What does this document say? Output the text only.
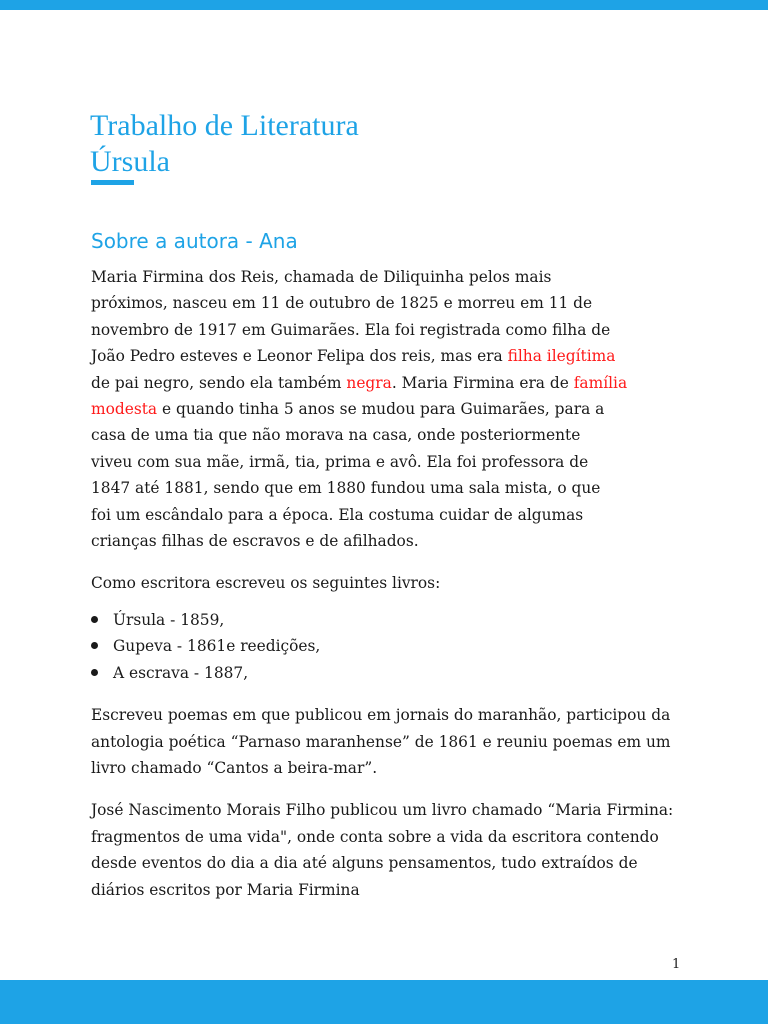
Trabalho de Literatura
Úrsula
Sobre a autora - Ana

Maria Firmina dos Reis, chamada de Diliquinha pelos mais
próximos, nasceu em 11 de outubro de 1825 e morreu em 11 de
novembro de 1917 em Guimarães. Ela foi registrada como filha de
João Pedro esteves e Leonor Felipa dos reis, mas era filha ilegítima
de pai negro, sendo ela também negra. Maria Firmina era de família
modesta e quando tinha 5 anos se mudou para Guimarães, para a
casa de uma tia que não morava na casa, onde posteriormente
viveu com sua mãe, irmã, tia, prima e avô. Ela foi professora de
1847 até 1881, sendo que em 1880 fundou uma sala mista, o que
foi um escândalo para a época. Ela costuma cuidar de algumas
crianças filhas de escravos e de afilhados.

Como escritora escreveu os seguintes livros:

Úrsula - 1859,
Gupeva - 1861e reedições,
A escrava - 1887,

Escreveu poemas em que publicou em jornais do maranhão, participou da antologia poética “Parnaso maranhense” de 1861 e reuniu poemas em um livro chamado “Cantos a beira-mar”.

José Nascimento Morais Filho publicou um livro chamado “Maria Firmina: fragmentos de uma vida", onde conta sobre a vida da escritora contendo desde eventos do dia a dia até alguns pensamentos, tudo extraídos de diários escritos por Maria Firmina

1
